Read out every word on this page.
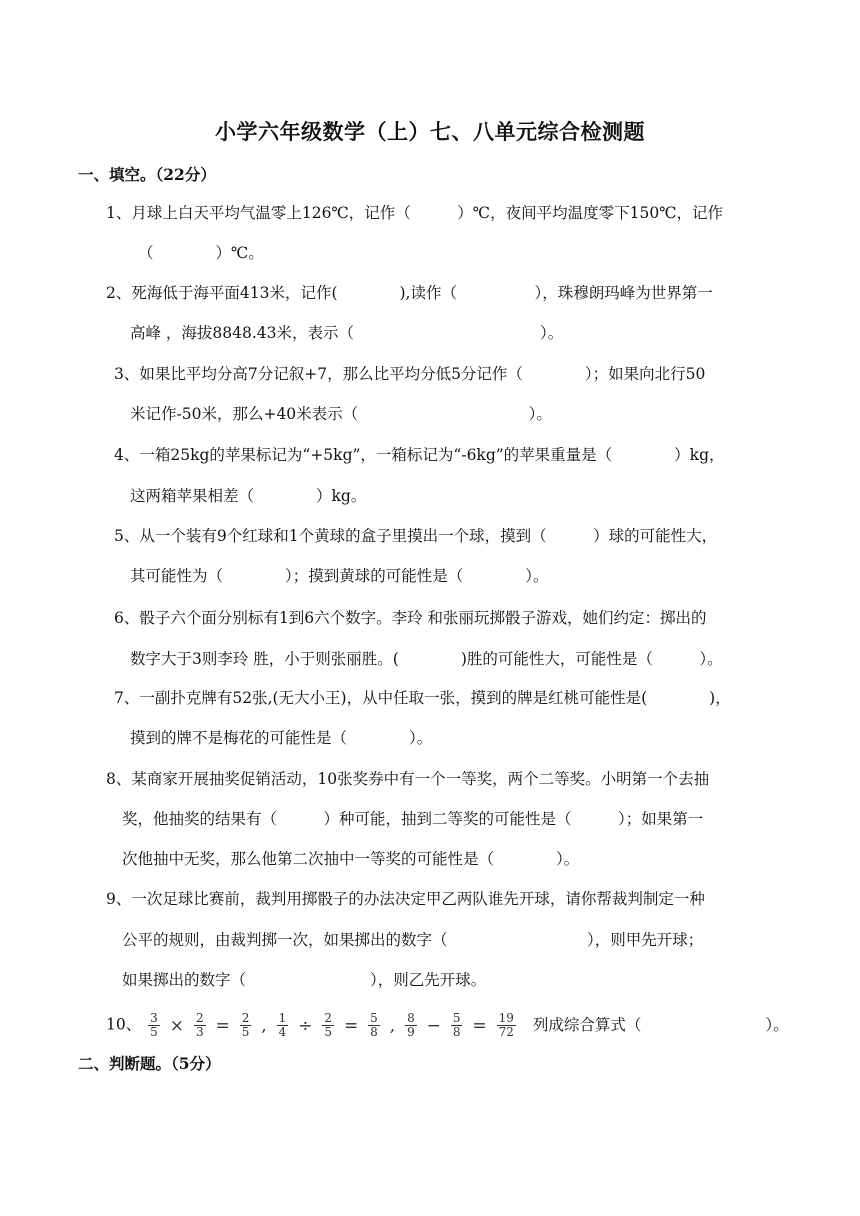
小学六年级数学（上）七、八单元综合检测题
一、填空。（22分）
1、月球上白天平均气温零上126℃，记作（　　　）℃，夜间平均温度零下150℃，记作
（　　　　）℃。
2、死海低于海平面413米，记作(　　　　),读作（　　　　　），珠穆朗玛峰为世界第一
高峰 ，海拔8848.43米，表示（　　　　　　　　　　　　）。
3、如果比平均分高7分记叙+7，那么比平均分低5分记作（　　　　）；如果向北行50
米记作-50米，那么+40米表示（　　　　　　　　　　　）。
4、一箱25kg的苹果标记为“+5kg”，一箱标记为“-6kg”的苹果重量是（　　　　）kg，
这两箱苹果相差（　　　　）kg。
5、从一个装有9个红球和1个黄球的盒子里摸出一个球，摸到（　　　）球的可能性大，
其可能性为（　　　　）；摸到黄球的可能性是（　　　　）。
6、骰子六个面分别标有1到6六个数字。李玲 和张丽玩掷骰子游戏，她们约定：掷出的
数字大于3则李玲 胜，小于则张丽胜。(　　　　)胜的可能性大，可能性是（　　　）。
7、一副扑克牌有52张,(无大小王)，从中任取一张，摸到的牌是红桃可能性是(　　　　)，
摸到的牌不是梅花的可能性是（　　　　）。
8、某商家开展抽奖促销活动，10张奖券中有一个一等奖，两个二等奖。小明第一个去抽
奖，他抽奖的结果有（　　　）种可能，抽到二等奖的可能性是（　　　）；如果第一
次他抽中无奖，那么他第二次抽中一等奖的可能性是（　　　　）。
9、一次足球比赛前，裁判用掷骰子的办法决定甲乙两队谁先开球，请你帮裁判制定一种
公平的规则，由裁判掷一次，如果掷出的数字（　　　　　　　　　），则甲先开球；
如果掷出的数字（　　　　　　　　），则乙先开球。
10、 $\frac{3}{5} \times \frac{2}{3} = \frac{2}{5}$ , $\frac{1}{4} \div \frac{2}{5} = \frac{5}{8}$ , $\frac{8}{9} - \frac{5}{8} = \frac{19}{72}$ 列成综合算式（　　　　　　　　）。
二、判断题。（5分）
